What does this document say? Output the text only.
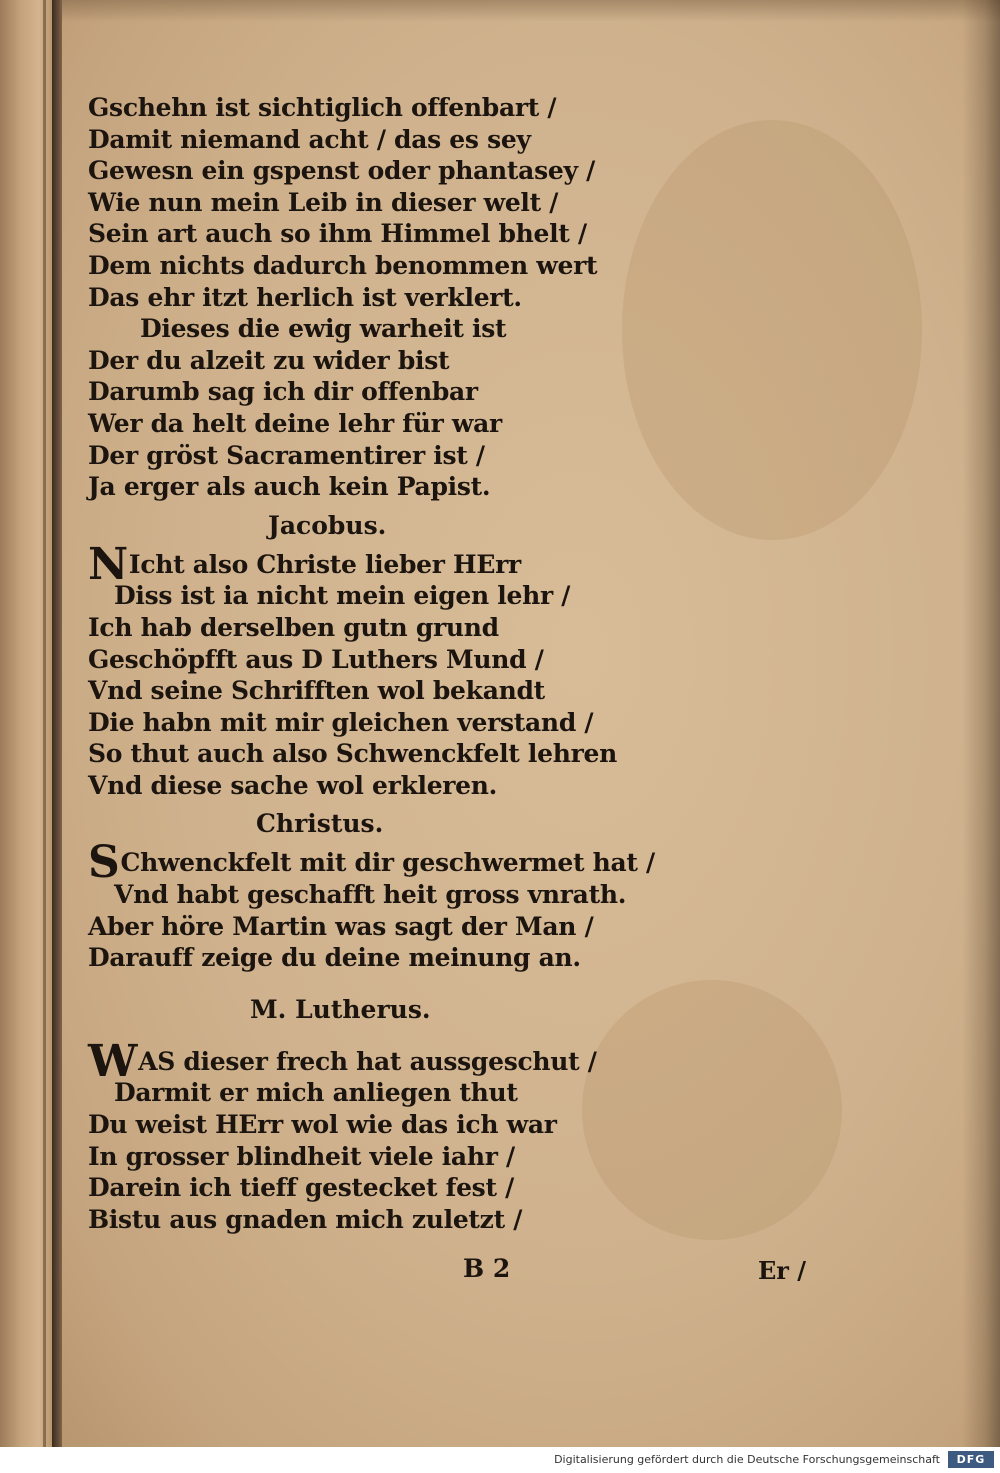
Gschehn ist sichtiglich offenbart /
Damit niemand acht / das es sey
Gewesn ein gspenst oder phantasey /
Wie nun mein Leib in dieser welt /
Sein art auch so ihm Himmel bhelt /
Dem nichts dadurch benommen wert
Das ehr itzt herlich ist verklert.
Dieses die ewig warheit ist
Der du alzeit zu wider bist
Darumb sag ich dir offenbar
Wer da helt deine lehr für war
Der gröst Sacramentirer ist /
Ja erger als auch kein Papist.
Jacobus.
NIcht also Christe lieber HErr
Diss ist ia nicht mein eigen lehr /
Ich hab derselben gutn grund
Geschöpfft aus D Luthers Mund /
Vnd seine Schrifften wol bekandt
Die habn mit mir gleichen verstand /
So thut auch also Schwenckfelt lehren
Vnd diese sache wol erkleren.
Christus.
SChwenckfelt mit dir geschwermet hat /
Vnd habt geschafft heit gross vnrath.
Aber höre Martin was sagt der Man /
Darauff zeige du deine meinung an.
M. Lutherus.
WAS dieser frech hat aussgeschut /
Darmit er mich anliegen thut
Du weist HErr wol wie das ich war
In grosser blindheit viele iahr /
Darein ich tieff gestecket fest /
Bistu aus gnaden mich zuletzt /
B 2	Er /
Digitalisierung gefördert durch die Deutsche Forschungsgemeinschaft	DFG
